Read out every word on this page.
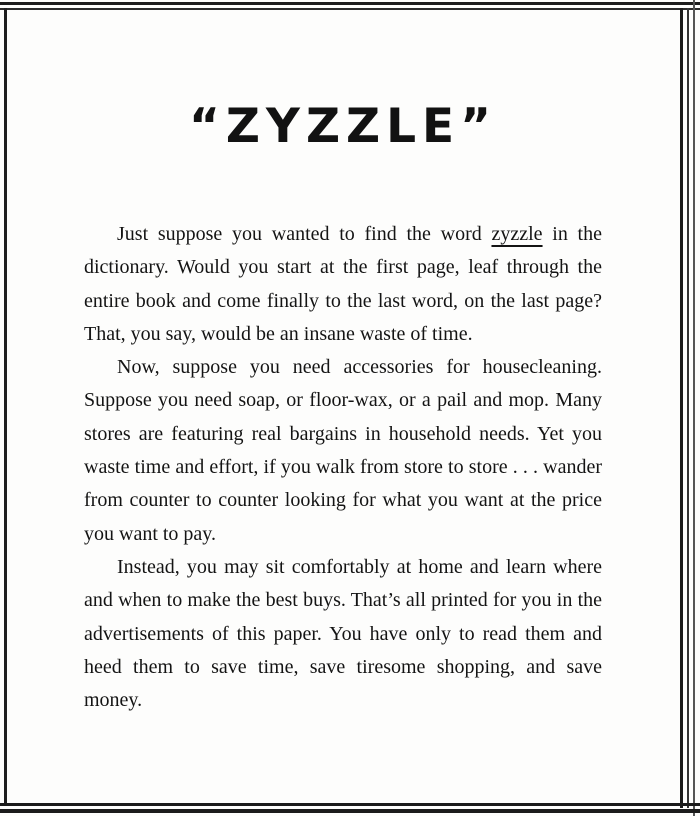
“ZYZZLE”

Just suppose you wanted to find the word zyzzle in the dictionary. Would you start at the first page, leaf through the entire book and come finally to the last word, on the last page? That, you say, would be an insane waste of time.

Now, suppose you need accessories for housecleaning. Suppose you need soap, or floor-wax, or a pail and mop. Many stores are featuring real bargains in household needs. Yet you waste time and effort, if you walk from store to store . . . wander from counter to counter looking for what you want at the price you want to pay.

Instead, you may sit comfortably at home and learn where and when to make the best buys. That’s all printed for you in the advertisements of this paper. You have only to read them and heed them to save time, save tiresome shopping, and save money.
